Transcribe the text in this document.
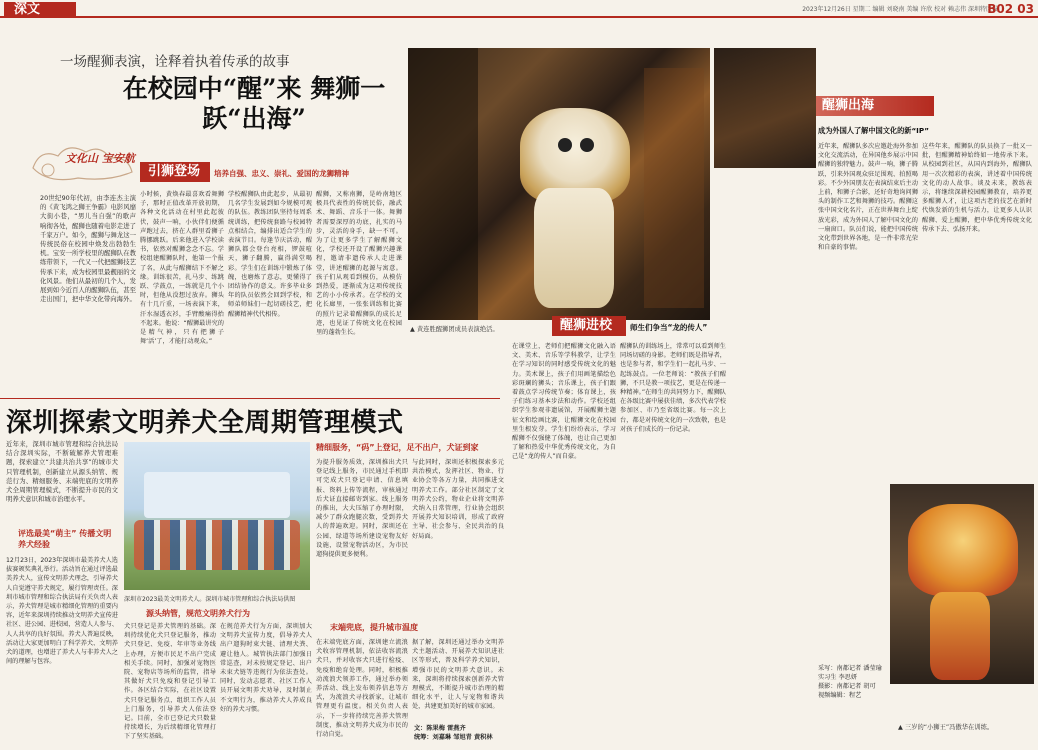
深文	2023年12月26日 星期二 编辑 刘晓南 美编 许欣 校对 赖志伟 深圳特区报
B02 03
一场醒狮表演，诠释着执着传承的故事
在校园中“醒”来 舞狮一跃“出海”
文化山 宝安航
20世纪90年代初，由李连杰主演的《黄飞鸿之狮王争霸》电影风靡大街小巷，“男儿当自强”的歌声响彻各处，醒狮也随着电影走进了千家万户。如今，醒狮与舞龙这一传统民俗在校园中焕发出勃勃生机。宝安一所学校里的醒狮队在教练带领下，一代又一代把醒狮技艺传承下来，成为校园里最靓丽的文化风景。他们从最初的几个人，发展到如今近百人的醒狮队伍，甚至走出国门，把中华文化带向海外。
引狮登场	培养自强、忠义、崇礼、爱国的龙狮精神
小时候，黄焕春最喜欢看舞狮子，那时正值改革开放初期，各种文化活动在村里此起彼伏，鼓声一响，小伙伴们便循声跑过去，挤在人群里看狮子腾挪跳跃。后来他进入学校读书，依然对醒狮念念不忘。学校组建醒狮队时，他第一个报了名，从此与醒狮结下不解之缘。训练很苦，扎马步、练跳跃、学鼓点，一练就是几个小时，但他从没想过放弃。狮头有十几斤重，一场表演下来，汗水湿透衣衫，手臂酸痛得抬不起来。他说：“醒狮最讲究的是精气神，只有把狮子舞‘活’了，才能打动观众。”
学校醒狮队由此起步，从最初几名学生发展到如今规模可观的队伍。教练团队坚持每周系统训练，把传统套路与校园特点相结合，编排出适合学生的表演节目。每逢节庆活动，醒狮队都会登台亮相，锣鼓喧天，狮子翻腾，赢得满堂喝彩。学生们在训练中锻炼了体魄，也磨炼了意志，更懂得了团结协作的意义。许多毕业多年的队员依然会回到学校，和师弟师妹们一起切磋技艺，把醒狮精神代代相传。
醒狮，又称南狮，是岭南地区极具代表性的传统民俗，融武术、舞蹈、音乐于一体。舞狮者需要深厚的功底，扎实的马步，灵活的身手，缺一不可。为了让更多学生了解醒狮文化，学校还开设了醒狮兴趣课程，邀请非遗传承人走进课堂，讲述醒狮的起源与寓意。孩子们从观看到模仿，从模仿到热爱，逐渐成为这项传统技艺的小小传承者。在学校的文化长廊里，一张张训练和比赛的照片记录着醒狮队的成长足迹，也见证了传统文化在校园里的蓬勃生长。	▲ 黄连胜醒狮团成员表演绝活。
醒狮出海
成为外国人了解中国文化的新“IP”
近年来，醒狮队多次应邀赴海外参加文化交流活动，在异国他乡展示中国醒狮的独特魅力。鼓声一响，狮子腾跃，引来外国观众驻足围观、拍照喝彩。不少外国朋友在表演结束后主动上前，和狮子合影，还好奇地询问狮头的制作工艺和舞狮的技巧。醒狮这张中国文化名片，正在世界舞台上绽放光彩，成为外国人了解中国文化的一扇窗口。队员们说，能把中国传统文化带到世界各地，是一件非常光荣和自豪的事情。
这些年来，醒狮队的队员换了一批又一批，但醒狮精神始终如一地传承下来。从校园到社区，从国内到海外，醒狮队用一次次精彩的表演，讲述着中国传统文化的动人故事。谈及未来，教练表示，将继续深耕校园醒狮教育，培养更多醒狮人才，让这项古老的技艺在新时代焕发新的生机与活力，让更多人认识醒狮、爱上醒狮，把中华优秀传统文化传承下去、弘扬开来。
醒狮进校	师生们争当“龙的传人”
深圳探索文明养犬全周期管理模式
近年来，深圳市城市管理和综合执法局结合深圳实际，不断破解养犬管理难题，探索建立“共建共治共享”的城市犬只管理机制，创新建立从源头纳管、规范行为、精细服务、末端兜底的文明养犬全周期管理模式，不断提升市民的文明养犬意识和城市治理水平。
评选最美“萌主” 传播文明养犬经验
12月23日，2023年深圳市最美养犬人选拔赛颁奖典礼举行。活动旨在通过评选最美养犬人，宣传文明养犬理念，引导养犬人自觉遵守养犬规定，履行管理责任。深圳市城市管理和综合执法局有关负责人表示，养犬管理是城市精细化管理的重要内容，近年来深圳持续推动文明养犬宣传进社区、进公园、进校园，营造人人参与、人人共享的良好氛围。养犬人普遍反映，活动让大家更加明白了科学养犬、文明养犬的道理，也增进了养犬人与非养犬人之间的理解与包容。
深圳市2023最美文明养犬人。深圳市城市管理和综合执法局供图
源头纳管，规范文明养犬行为
犬只登记是养犬管理的基础。深圳持续优化犬只登记服务，推动犬只登记、免疫、年审等业务线上办理，方便市民足不出户完成相关手续。同时，加强对宠物医院、宠物店等场所的监管，指导其做好犬只免疫和登记引导工作。各区结合实际，在社区设置犬只登记服务点，组织工作人员上门服务，引导养犬人依法登记。目前，全市已登记犬只数量持续增长，为后续精细化管理打下了坚实基础。
在规范养犬行为方面，深圳加大文明养犬宣传力度，倡导养犬人出户遛狗时束犬链、清理犬粪、避让他人。城管执法部门加强日常巡查，对未按规定登记、出户未束犬链等违规行为依法查处。同时，发动志愿者、社区工作人员开展文明养犬劝导，及时制止不文明行为，推动养犬人养成良好的养犬习惯。
精细服务，“码”上登记，足不出户，犬证到家
为提升服务质效，深圳推出犬只登记线上服务，市民通过手机即可完成犬只登记申请、信息填报、资料上传等流程，审核通过后犬证直接邮寄到家。线上服务的推出，大大压缩了办理时限，减少了群众跑腿次数，受到养犬人的普遍欢迎。同时，深圳还在公园、绿道等场所建设宠物友好设施，设置宠物活动区，为市民遛狗提供更多便利。
与此同时，深圳还积极探索多元共治模式，发挥社区、物业、行业协会等各方力量，共同推进文明养犬工作。部分社区制定了文明养犬公约，物业企业将文明养犬纳入日常管理，行业协会组织开展养犬知识培训，形成了政府主导、社会参与、全民共治的良好局面。
末端兜底，提升城市温度
在末端兜底方面，深圳建立流浪犬收容管理机制，依法收容流浪犬只，并对收容犬只进行检疫、免疫和绝育处理。同时，积极推动流浪犬领养工作，通过举办领养活动、线上发布领养信息等方式，为流浪犬寻找新家，让城市管理更有温度。相关负责人表示，下一步将持续完善养犬管理制度，推动文明养犬成为市民的行动自觉。
据了解，深圳还通过举办文明养犬主题活动、开展养犬知识进社区等形式，普及科学养犬知识，增强市民的文明养犬意识。未来，深圳将持续探索创新养犬管理模式，不断提升城市治理的精细化水平，让人与宠物和谐共处，共建更加美好的城市家园。
文：陈果梅 雷燕齐
统筹：刘嘉琳 邹旭青 黄积林
在课堂上，老师们把醒狮文化融入语文、美术、音乐等学科教学，让学生在学习知识的同时感受传统文化的魅力。美术课上，孩子们用画笔描绘色彩斑斓的狮头；音乐课上，孩子们跟着鼓点学习传统节奏；体育课上，孩子们练习基本步法和动作。学校还组织学生参观非遗展馆，开展醒狮主题征文和绘画比赛，让醒狮文化在校园里生根发芽。学生们纷纷表示，学习醒狮不仅强健了体魄，也让自己更加了解和热爱中华优秀传统文化，为自己是“龙的传人”而自豪。
醒狮队的训练场上，常常可以看到师生同场切磋的身影。老师们既是指导者，也是参与者，和学生们一起扎马步、一起练鼓点。一位老师说：“教孩子们醒狮，不只是教一项技艺，更是在传递一种精神。”在师生的共同努力下，醒狮队在各级比赛中屡获佳绩，多次代表学校参加区、市乃至省级比赛。每一次上台，都是对传统文化的一次致敬，也是对孩子们成长的一份记录。
采写：南都记者 潘莹瑜 实习生 李思妍
摄影：南都记者 胡可
视频编辑：程艺
▲ 三岁的“小狮王”冯傲华在训练。
